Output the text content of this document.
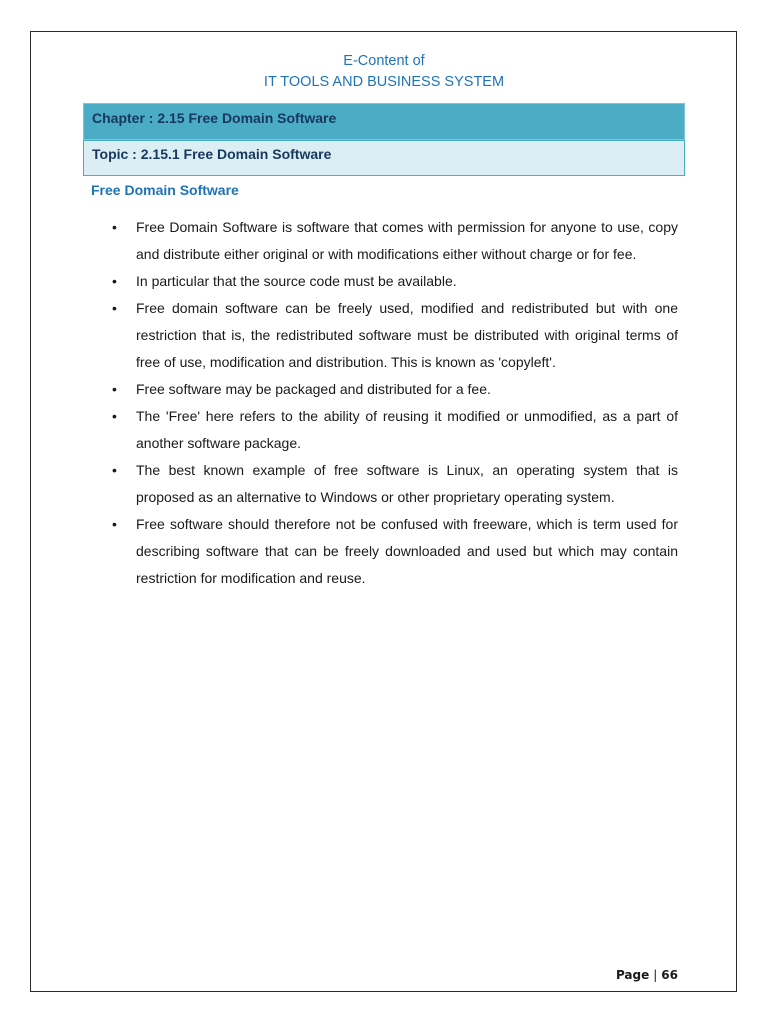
E-Content of
IT TOOLS AND BUSINESS SYSTEM
Chapter : 2.15 Free Domain Software
Topic : 2.15.1 Free Domain Software
Free Domain Software
• Free Domain Software is software that comes with permission for anyone to use, copy and distribute either original or with modifications either without charge or for fee.
• In particular that the source code must be available.
• Free domain software can be freely used, modified and redistributed but with one restriction that is, the redistributed software must be distributed with original terms of free of use, modification and distribution. This is known as 'copyleft'.
• Free software may be packaged and distributed for a fee.
• The 'Free' here refers to the ability of reusing it modified or unmodified, as a part of another software package.
• The best known example of free software is Linux, an operating system that is proposed as an alternative to Windows or other proprietary operating system.
• Free software should therefore not be confused with freeware, which is term used for describing software that can be freely downloaded and used but which may contain restriction for modification and reuse.
Page | 66
